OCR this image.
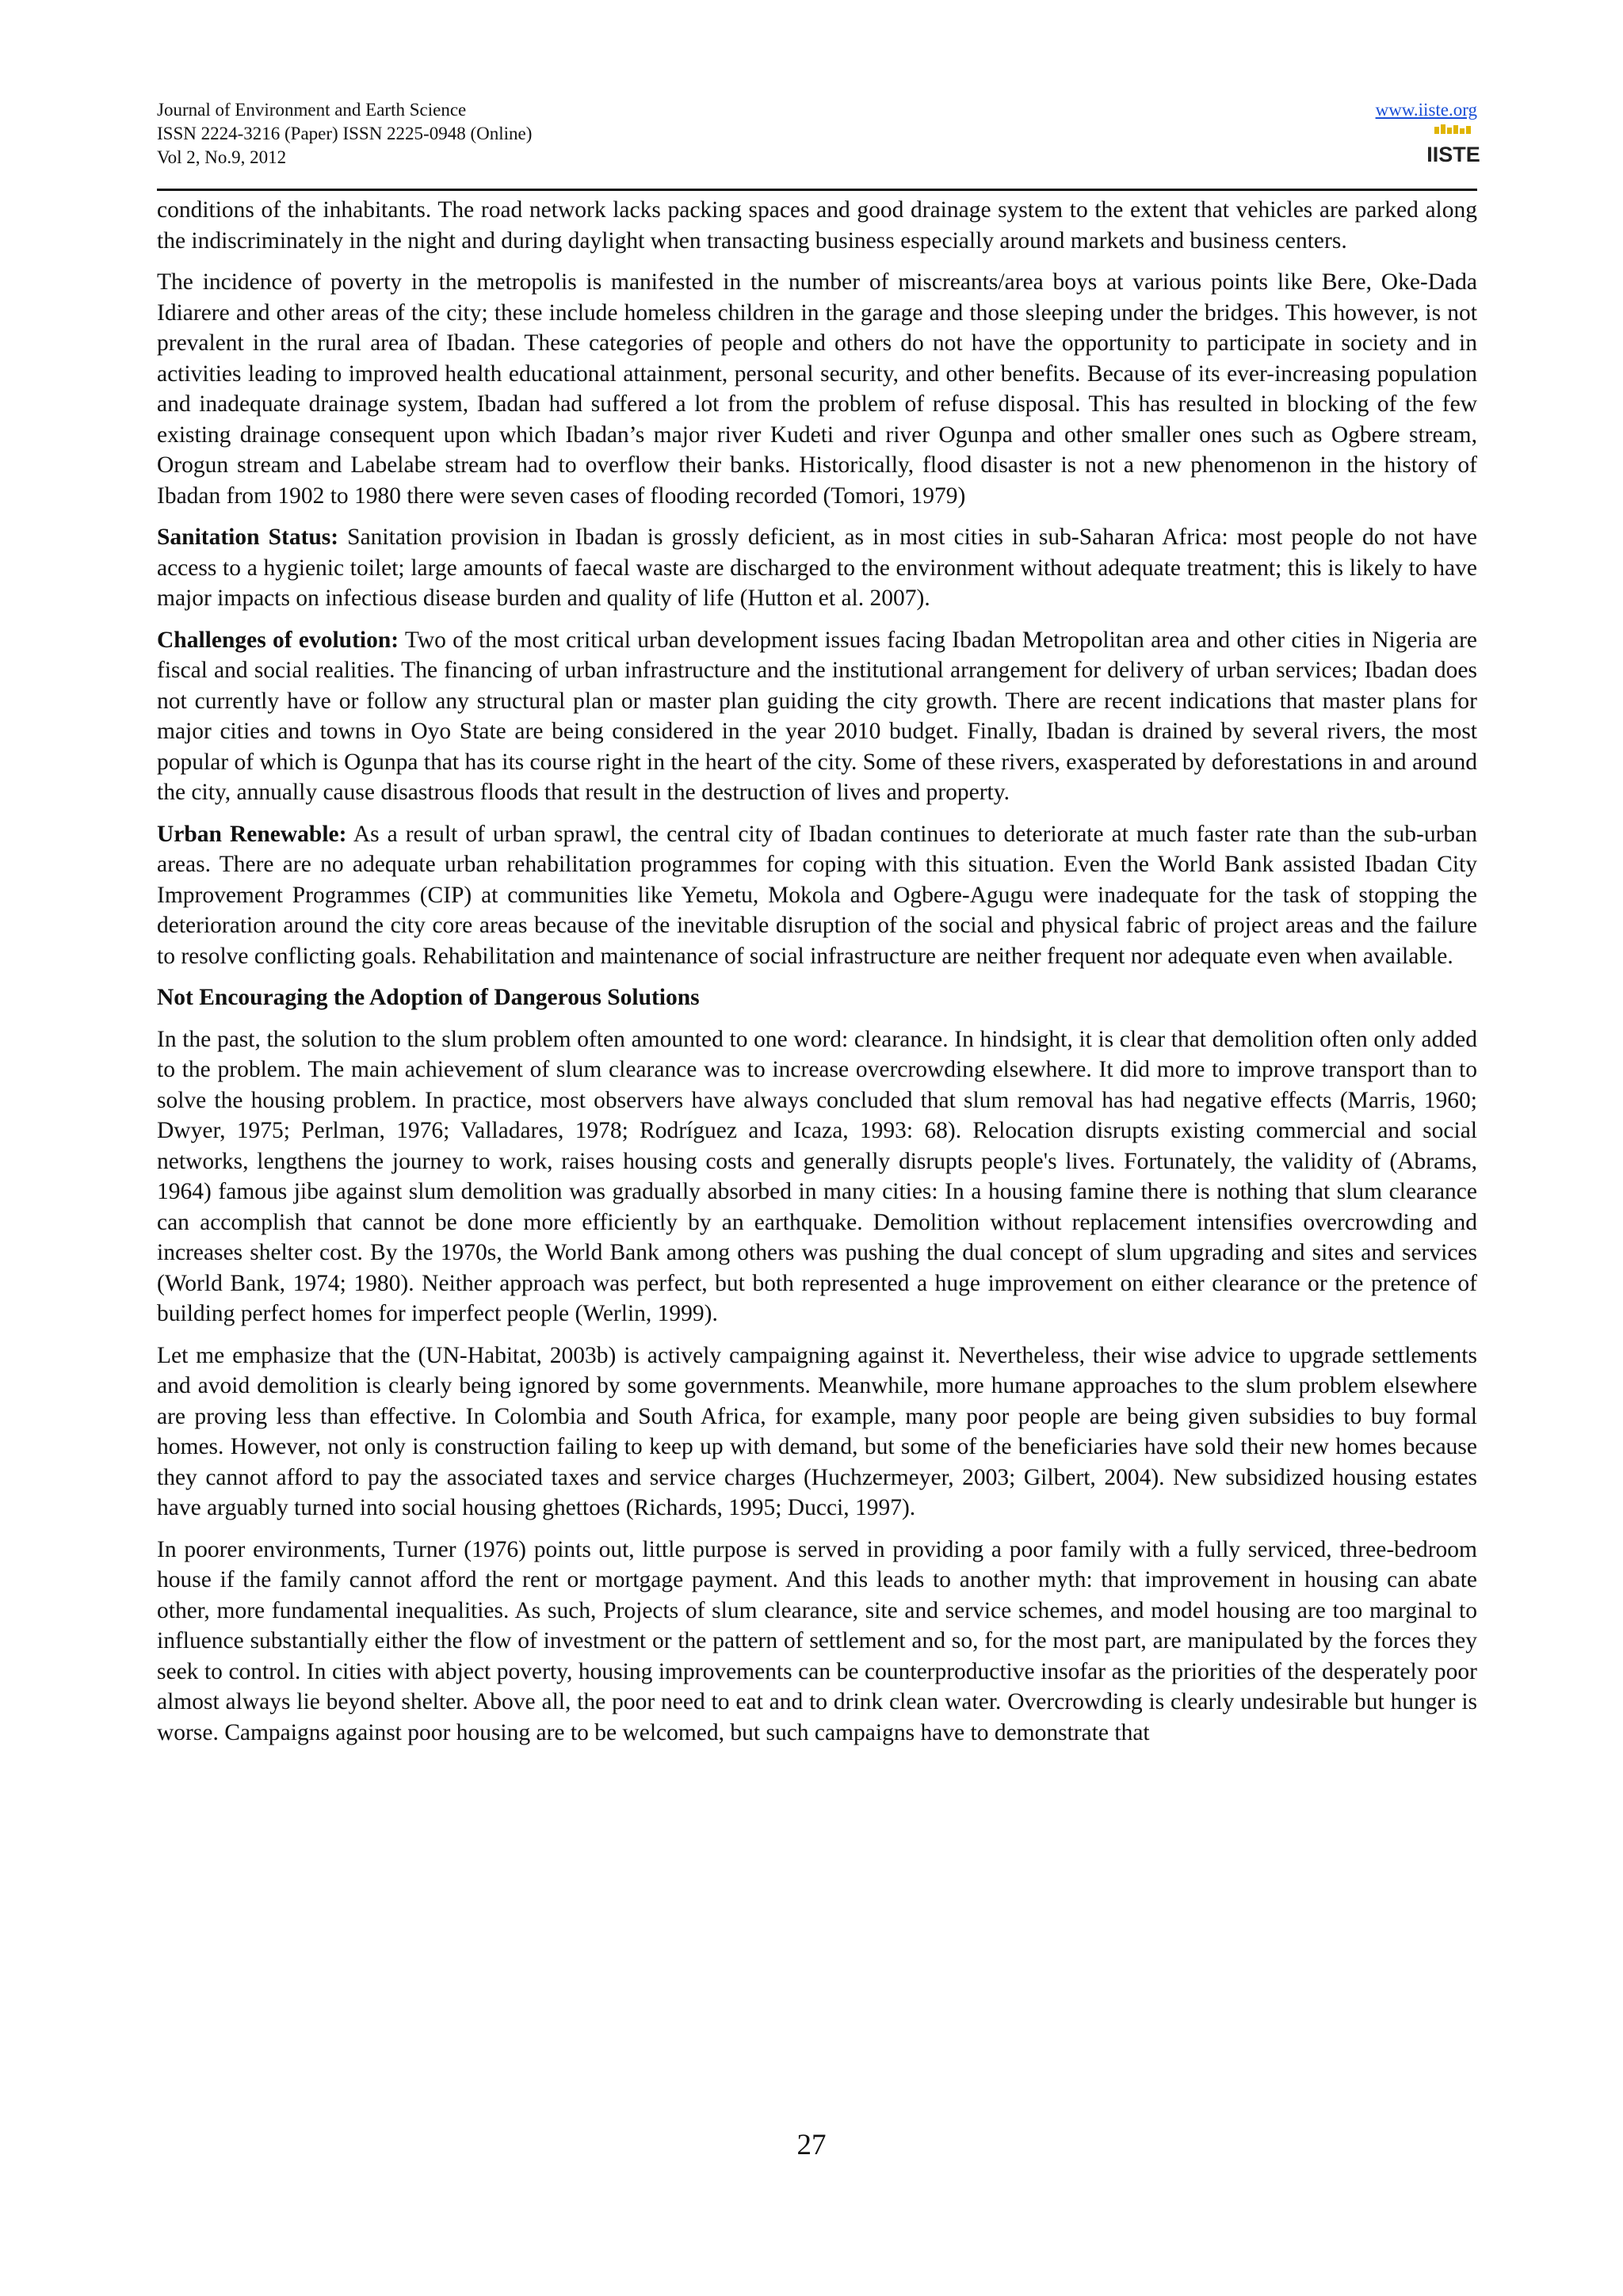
Journal of Environment and Earth Science
ISSN 2224-3216 (Paper) ISSN 2225-0948 (Online)
Vol 2, No.9, 2012
www.iiste.org
IISTE

conditions of the inhabitants. The road network lacks packing spaces and good drainage system to the extent that vehicles are parked along the indiscriminately in the night and during daylight when transacting business especially around markets and business centers.

The incidence of poverty in the metropolis is manifested in the number of miscreants/area boys at various points like Bere, Oke-Dada Idiarere and other areas of the city; these include homeless children in the garage and those sleeping under the bridges. This however, is not prevalent in the rural area of Ibadan. These categories of people and others do not have the opportunity to participate in society and in activities leading to improved health educational attainment, personal security, and other benefits. Because of its ever-increasing population and inadequate drainage system, Ibadan had suffered a lot from the problem of refuse disposal. This has resulted in blocking of the few existing drainage consequent upon which Ibadan’s major river Kudeti and river Ogunpa and other smaller ones such as Ogbere stream, Orogun stream and Labelabe stream had to overflow their banks. Historically, flood disaster is not a new phenomenon in the history of Ibadan from 1902 to 1980 there were seven cases of flooding recorded (Tomori, 1979)

Sanitation Status: Sanitation provision in Ibadan is grossly deficient, as in most cities in sub-Saharan Africa: most people do not have access to a hygienic toilet; large amounts of faecal waste are discharged to the environment without adequate treatment; this is likely to have major impacts on infectious disease burden and quality of life (Hutton et al. 2007).

Challenges of evolution: Two of the most critical urban development issues facing Ibadan Metropolitan area and other cities in Nigeria are fiscal and social realities. The financing of urban infrastructure and the institutional arrangement for delivery of urban services; Ibadan does not currently have or follow any structural plan or master plan guiding the city growth. There are recent indications that master plans for major cities and towns in Oyo State are being considered in the year 2010 budget. Finally, Ibadan is drained by several rivers, the most popular of which is Ogunpa that has its course right in the heart of the city. Some of these rivers, exasperated by deforestations in and around the city, annually cause disastrous floods that result in the destruction of lives and property.

Urban Renewable: As a result of urban sprawl, the central city of Ibadan continues to deteriorate at much faster rate than the sub-urban areas. There are no adequate urban rehabilitation programmes for coping with this situation. Even the World Bank assisted Ibadan City Improvement Programmes (CIP) at communities like Yemetu, Mokola and Ogbere-Agugu were inadequate for the task of stopping the deterioration around the city core areas because of the inevitable disruption of the social and physical fabric of project areas and the failure to resolve conflicting goals. Rehabilitation and maintenance of social infrastructure are neither frequent nor adequate even when available.

Not Encouraging the Adoption of Dangerous Solutions

In the past, the solution to the slum problem often amounted to one word: clearance. In hindsight, it is clear that demolition often only added to the problem. The main achievement of slum clearance was to increase overcrowding elsewhere. It did more to improve transport than to solve the housing problem. In practice, most observers have always concluded that slum removal has had negative effects (Marris, 1960; Dwyer, 1975; Perlman, 1976; Valladares, 1978; Rodríguez and Icaza, 1993: 68). Relocation disrupts existing commercial and social networks, lengthens the journey to work, raises housing costs and generally disrupts people's lives. Fortunately, the validity of (Abrams, 1964) famous jibe against slum demolition was gradually absorbed in many cities: In a housing famine there is nothing that slum clearance can accomplish that cannot be done more efficiently by an earthquake. Demolition without replacement intensifies overcrowding and increases shelter cost. By the 1970s, the World Bank among others was pushing the dual concept of slum upgrading and sites and services (World Bank, 1974; 1980). Neither approach was perfect, but both represented a huge improvement on either clearance or the pretence of building perfect homes for imperfect people (Werlin, 1999).

Let me emphasize that the (UN-Habitat, 2003b) is actively campaigning against it. Nevertheless, their wise advice to upgrade settlements and avoid demolition is clearly being ignored by some governments. Meanwhile, more humane approaches to the slum problem elsewhere are proving less than effective. In Colombia and South Africa, for example, many poor people are being given subsidies to buy formal homes. However, not only is construction failing to keep up with demand, but some of the beneficiaries have sold their new homes because they cannot afford to pay the associated taxes and service charges (Huchzermeyer, 2003; Gilbert, 2004). New subsidized housing estates have arguably turned into social housing ghettoes (Richards, 1995; Ducci, 1997).

In poorer environments, Turner (1976) points out, little purpose is served in providing a poor family with a fully serviced, three-bedroom house if the family cannot afford the rent or mortgage payment. And this leads to another myth: that improvement in housing can abate other, more fundamental inequalities. As such, Projects of slum clearance, site and service schemes, and model housing are too marginal to influence substantially either the flow of investment or the pattern of settlement and so, for the most part, are manipulated by the forces they seek to control. In cities with abject poverty, housing improvements can be counterproductive insofar as the priorities of the desperately poor almost always lie beyond shelter. Above all, the poor need to eat and to drink clean water. Overcrowding is clearly undesirable but hunger is worse. Campaigns against poor housing are to be welcomed, but such campaigns have to demonstrate that

27
